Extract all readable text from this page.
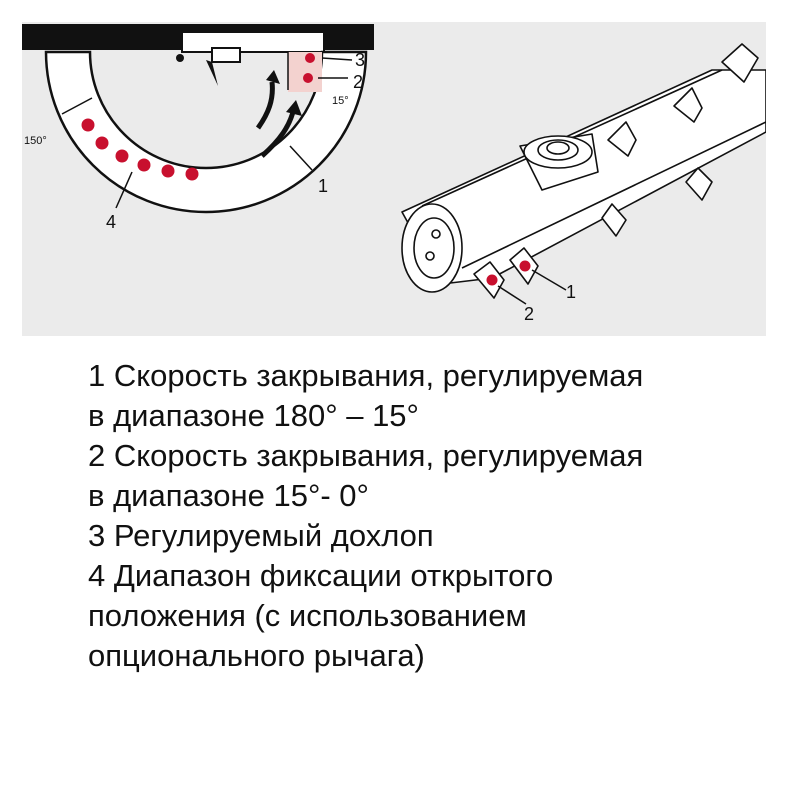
3
2
1
4
15°
150°
1
2
1 Скорость закрывания, регулируемая
в диапазоне 180° – 15°
2 Скорость закрывания, регулируемая
в диапазоне 15°- 0°
3 Регулируемый дохлоп
4 Диапазон фиксации открытого
положения (с использованием
опционального рычага)
